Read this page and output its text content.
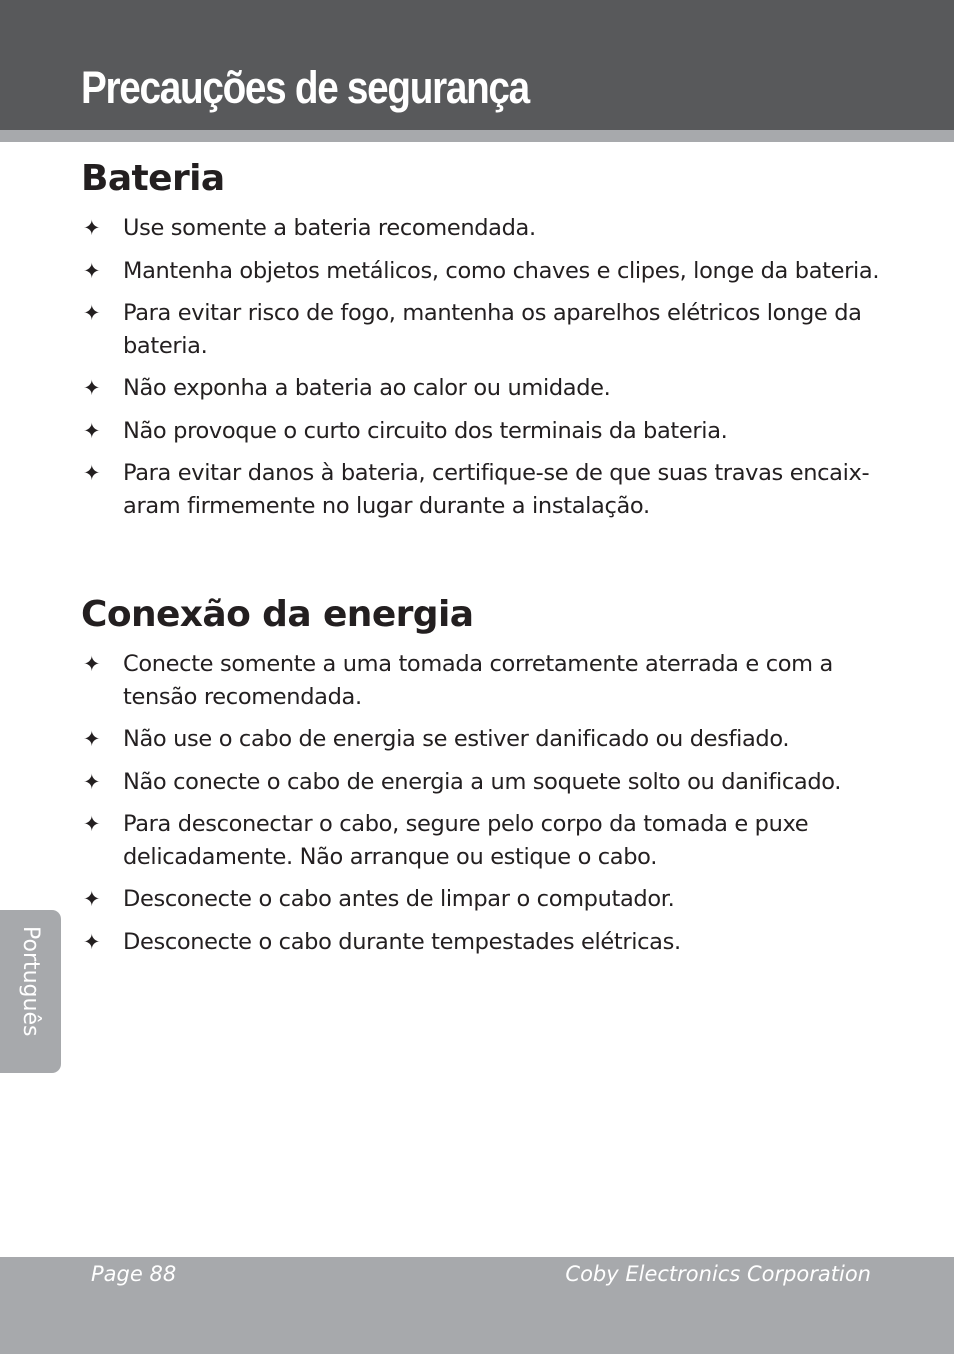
Precauções de segurança
Bateria
✦ Use somente a bateria recomendada.
✦ Mantenha objetos metálicos, como chaves e clipes, longe da bateria.
✦ Para evitar risco de fogo, mantenha os aparelhos elétricos longe da bateria.
✦ Não exponha a bateria ao calor ou umidade.
✦ Não provoque o curto circuito dos terminais da bateria.
✦ Para evitar danos à bateria, certifique-se de que suas travas encaix-aram firmemente no lugar durante a instalação.
Conexão da energia
✦ Conecte somente a uma tomada corretamente aterrada e com a tensão recomendada.
✦ Não use o cabo de energia se estiver danificado ou desfiado.
✦ Não conecte o cabo de energia a um soquete solto ou danificado.
✦ Para desconectar o cabo, segure pelo corpo da tomada e puxe delicadamente. Não arranque ou estique o cabo.
✦ Desconecte o cabo antes de limpar o computador.
✦ Desconecte o cabo durante tempestades elétricas.
Português
Page 88	Coby Electronics Corporation
